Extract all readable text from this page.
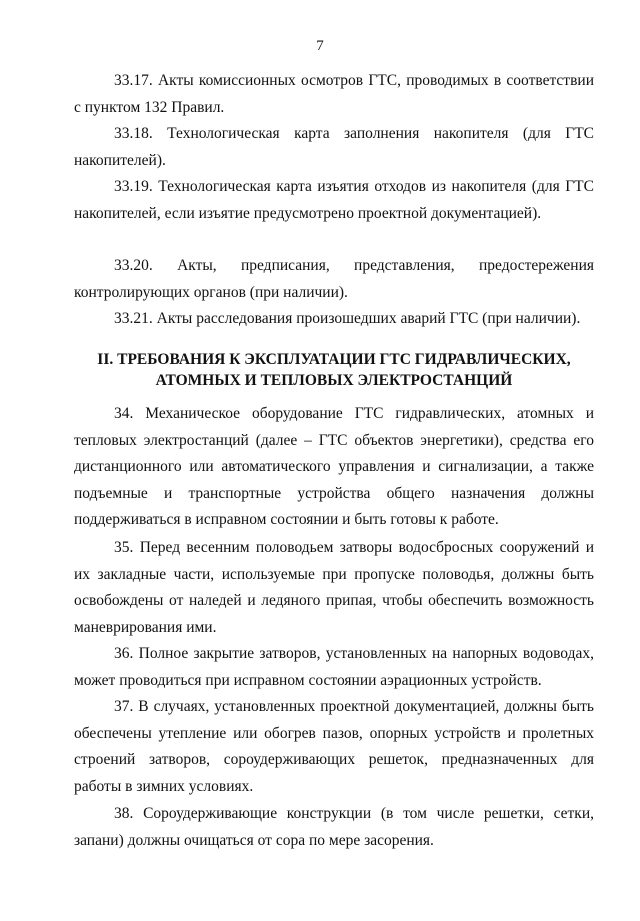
7

33.17. Акты комиссионных осмотров ГТС, проводимых в соответствии с пунктом 132 Правил.

33.18. Технологическая карта заполнения накопителя (для ГТС накопителей).

33.19. Технологическая карта изъятия отходов из накопителя (для ГТС накопителей, если изъятие предусмотрено проектной документацией).

33.20. Акты, предписания, представления, предостережения контролирующих органов (при наличии).

33.21. Акты расследования произошедших аварий ГТС (при наличии).

II. ТРЕБОВАНИЯ К ЭКСПЛУАТАЦИИ ГТС ГИДРАВЛИЧЕСКИХ,
АТОМНЫХ И ТЕПЛОВЫХ ЭЛЕКТРОСТАНЦИЙ

34. Механическое оборудование ГТС гидравлических, атомных и тепловых электростанций (далее – ГТС объектов энергетики), средства его дистанционного или автоматического управления и сигнализации, а также подъемные и транспортные устройства общего назначения должны поддерживаться в исправном состоянии и быть готовы к работе.

35. Перед весенним половодьем затворы водосбросных сооружений и их закладные части, используемые при пропуске половодья, должны быть освобождены от наледей и ледяного припая, чтобы обеспечить возможность маневрирования ими.

36. Полное закрытие затворов, установленных на напорных водоводах, может проводиться при исправном состоянии аэрационных устройств.

37. В случаях, установленных проектной документацией, должны быть обеспечены утепление или обогрев пазов, опорных устройств и пролетных строений затворов, сороудерживающих решеток, предназначенных для работы в зимних условиях.

38. Сороудерживающие конструкции (в том числе решетки, сетки, запани) должны очищаться от сора по мере засорения.
